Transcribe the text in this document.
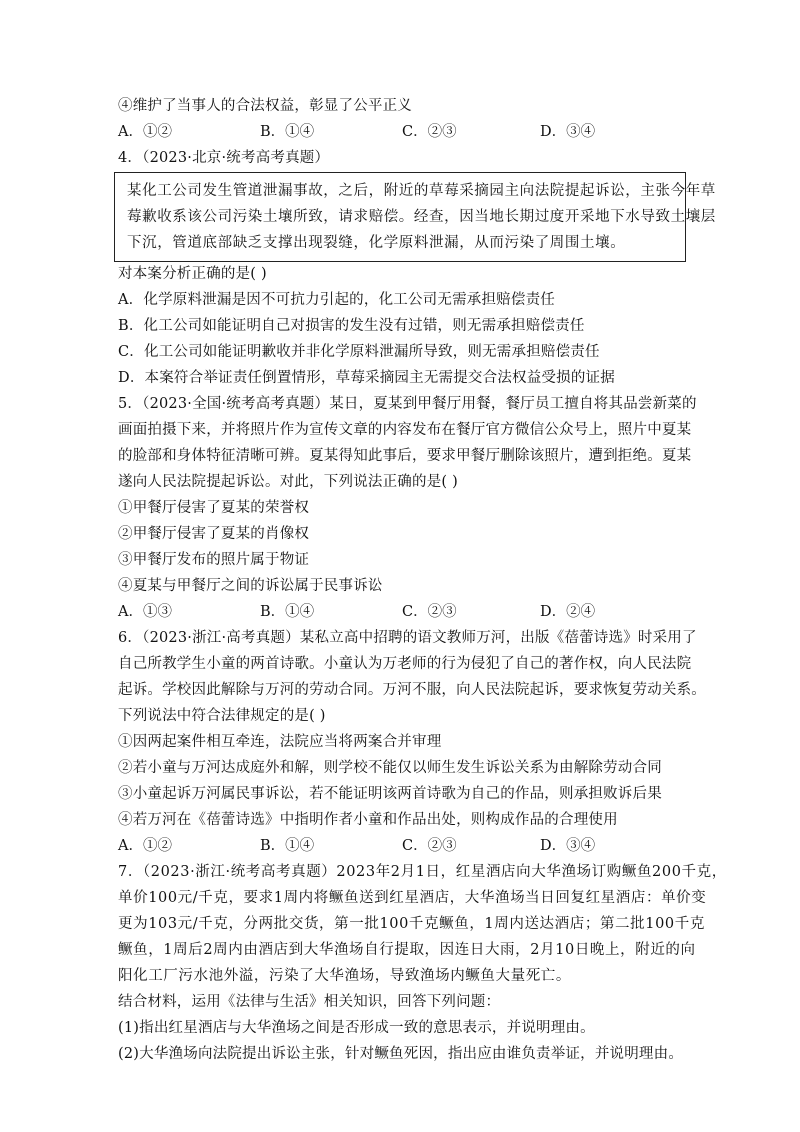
④维护了当事人的合法权益，彰显了公平正义
A．①②	B．①④	C．②③	D．③④
4．（2023·北京·统考高考真题）
某化工公司发生管道泄漏事故，之后，附近的草莓采摘园主向法院提起诉讼，主张今年草
莓歉收系该公司污染土壤所致，请求赔偿。经查，因当地长期过度开采地下水导致土壤层
下沉，管道底部缺乏支撑出现裂缝，化学原料泄漏，从而污染了周围土壤。
对本案分析正确的是( )
A．化学原料泄漏是因不可抗力引起的，化工公司无需承担赔偿责任
B．化工公司如能证明自己对损害的发生没有过错，则无需承担赔偿责任
C．化工公司如能证明歉收并非化学原料泄漏所导致，则无需承担赔偿责任
D．本案符合举证责任倒置情形，草莓采摘园主无需提交合法权益受损的证据
5．（2023·全国·统考高考真题）某日，夏某到甲餐厅用餐，餐厅员工擅自将其品尝新菜的
画面拍摄下来，并将照片作为宣传文章的内容发布在餐厅官方微信公众号上，照片中夏某
的脸部和身体特征清晰可辨。夏某得知此事后，要求甲餐厅删除该照片，遭到拒绝。夏某
遂向人民法院提起诉讼。对此，下列说法正确的是( )
①甲餐厅侵害了夏某的荣誉权
②甲餐厅侵害了夏某的肖像权
③甲餐厅发布的照片属于物证
④夏某与甲餐厅之间的诉讼属于民事诉讼
A．①③	B．①④	C．②③	D．②④
6．（2023·浙江·高考真题）某私立高中招聘的语文教师万河，出版《蓓蕾诗选》时采用了
自己所教学生小童的两首诗歌。小童认为万老师的行为侵犯了自己的著作权，向人民法院
起诉。学校因此解除与万河的劳动合同。万河不服，向人民法院起诉，要求恢复劳动关系。
下列说法中符合法律规定的是( )
①因两起案件相互牵连，法院应当将两案合并审理
②若小童与万河达成庭外和解，则学校不能仅以师生发生诉讼关系为由解除劳动合同
③小童起诉万河属民事诉讼，若不能证明该两首诗歌为自己的作品，则承担败诉后果
④若万河在《蓓蕾诗选》中指明作者小童和作品出处，则构成作品的合理使用
A．①②	B．①④	C．②③	D．③④
7．（2023·浙江·统考高考真题）2023年2月1日，红星酒店向大华渔场订购鳜鱼200千克，
单价100元/千克，要求1周内将鳜鱼送到红星酒店，大华渔场当日回复红星酒店：单价变
更为103元/千克，分两批交货，第一批100千克鳜鱼，1周内送达酒店；第二批100千克
鳜鱼，1周后2周内由酒店到大华渔场自行提取，因连日大雨，2月10日晚上，附近的向
阳化工厂污水池外溢，污染了大华渔场，导致渔场内鳜鱼大量死亡。
结合材料，运用《法律与生活》相关知识，回答下列问题：
(1)指出红星酒店与大华渔场之间是否形成一致的意思表示，并说明理由。
(2)大华渔场向法院提出诉讼主张，针对鳜鱼死因，指出应由谁负责举证，并说明理由。
